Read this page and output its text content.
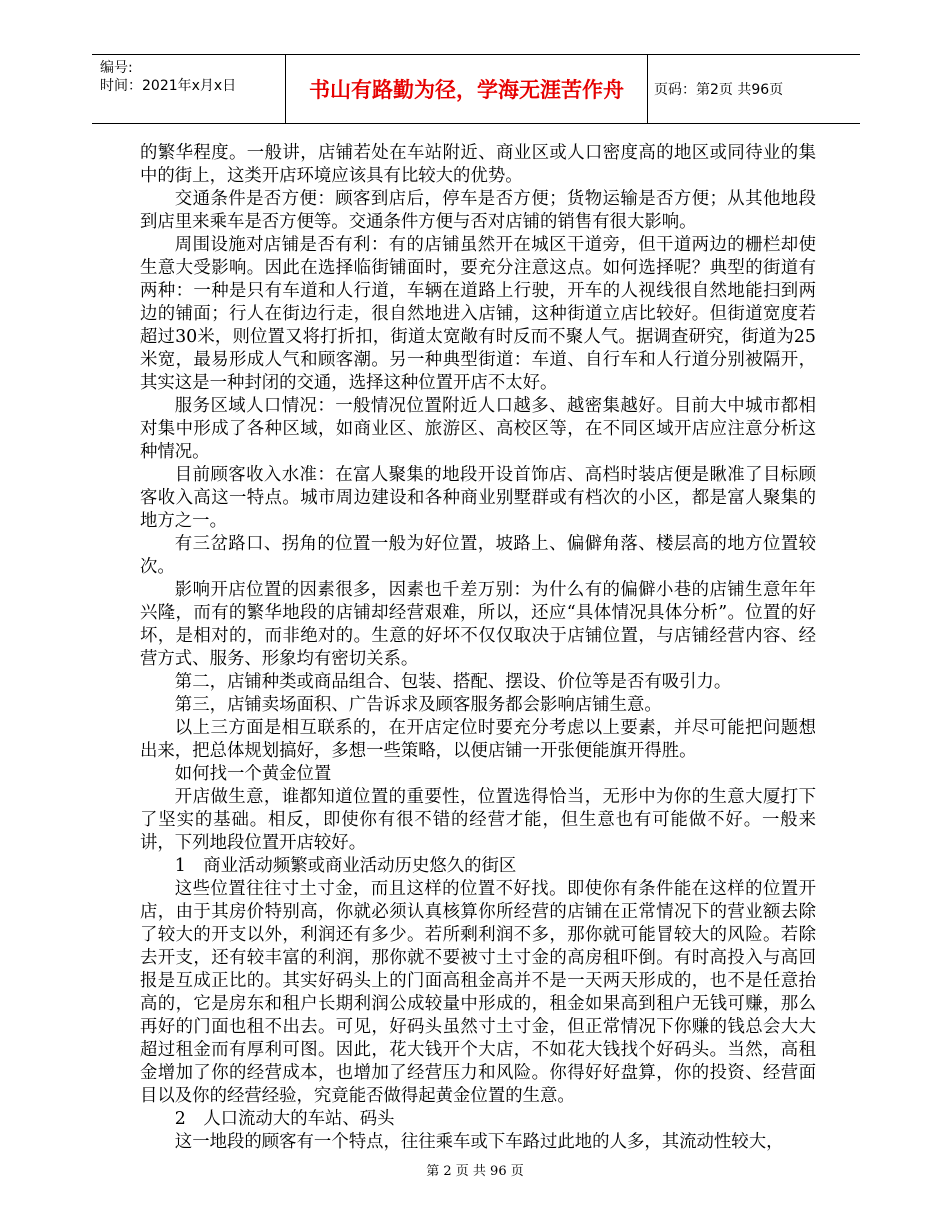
编号:
时间：2021年x月x日	书山有路勤为径，学海无涯苦作舟	页码：第2页 共96页

的繁华程度。一般讲，店铺若处在车站附近、商业区或人口密度高的地区或同待业的集中的街上，这类开店环境应该具有比较大的优势。

交通条件是否方便：顾客到店后，停车是否方便；货物运输是否方便；从其他地段到店里来乘车是否方便等。交通条件方便与否对店铺的销售有很大影响。

周围设施对店铺是否有利：有的店铺虽然开在城区干道旁，但干道两边的栅栏却使生意大受影响。因此在选择临街铺面时，要充分注意这点。如何选择呢？典型的街道有两种：一种是只有车道和人行道，车辆在道路上行驶，开车的人视线很自然地能扫到两边的铺面；行人在街边行走，很自然地进入店铺，这种街道立店比较好。但街道宽度若超过30米，则位置又将打折扣，街道太宽敞有时反而不聚人气。据调查研究，街道为25米宽，最易形成人气和顾客潮。另一种典型街道：车道、自行车和人行道分别被隔开，其实这是一种封闭的交通，选择这种位置开店不太好。

服务区域人口情况：一般情况位置附近人口越多、越密集越好。目前大中城市都相对集中形成了各种区域，如商业区、旅游区、高校区等，在不同区域开店应注意分析这种情况。

目前顾客收入水准：在富人聚集的地段开设首饰店、高档时装店便是瞅准了目标顾客收入高这一特点。城市周边建设和各种商业别墅群或有档次的小区，都是富人聚集的地方之一。

有三岔路口、拐角的位置一般为好位置，坡路上、偏僻角落、楼层高的地方位置较次。

影响开店位置的因素很多，因素也千差万别：为什么有的偏僻小巷的店铺生意年年兴隆，而有的繁华地段的店铺却经营艰难，所以，还应“具体情况具体分析”。位置的好坏，是相对的，而非绝对的。生意的好坏不仅仅取决于店铺位置，与店铺经营内容、经营方式、服务、形象均有密切关系。

第二，店铺种类或商品组合、包装、搭配、摆设、价位等是否有吸引力。

第三，店铺卖场面积、广告诉求及顾客服务都会影响店铺生意。

以上三方面是相互联系的，在开店定位时要充分考虑以上要素，并尽可能把问题想出来，把总体规划搞好，多想一些策略，以便店铺一开张便能旗开得胜。

如何找一个黄金位置

开店做生意，谁都知道位置的重要性，位置选得恰当，无形中为你的生意大厦打下了坚实的基础。相反，即使你有很不错的经营才能，但生意也有可能做不好。一般来讲，下列地段位置开店较好。

1　商业活动频繁或商业活动历史悠久的街区

这些位置往往寸土寸金，而且这样的位置不好找。即使你有条件能在这样的位置开店，由于其房价特别高，你就必须认真核算你所经营的店铺在正常情况下的营业额去除了较大的开支以外，利润还有多少。若所剩利润不多，那你就可能冒较大的风险。若除去开支，还有较丰富的利润，那你就不要被寸土寸金的高房租吓倒。有时高投入与高回报是互成正比的。其实好码头上的门面高租金高并不是一天两天形成的，也不是任意抬高的，它是房东和租户长期利润公成较量中形成的，租金如果高到租户无钱可赚，那么再好的门面也租不出去。可见，好码头虽然寸土寸金，但正常情况下你赚的钱总会大大超过租金而有厚利可图。因此，花大钱开个大店，不如花大钱找个好码头。当然，高租金增加了你的经营成本，也增加了经营压力和风险。你得好好盘算，你的投资、经营面目以及你的经营经验，究竟能否做得起黄金位置的生意。

2　人口流动大的车站、码头

这一地段的顾客有一个特点，往往乘车或下车路过此地的人多，其流动性较大，

第 2 页 共 96 页
